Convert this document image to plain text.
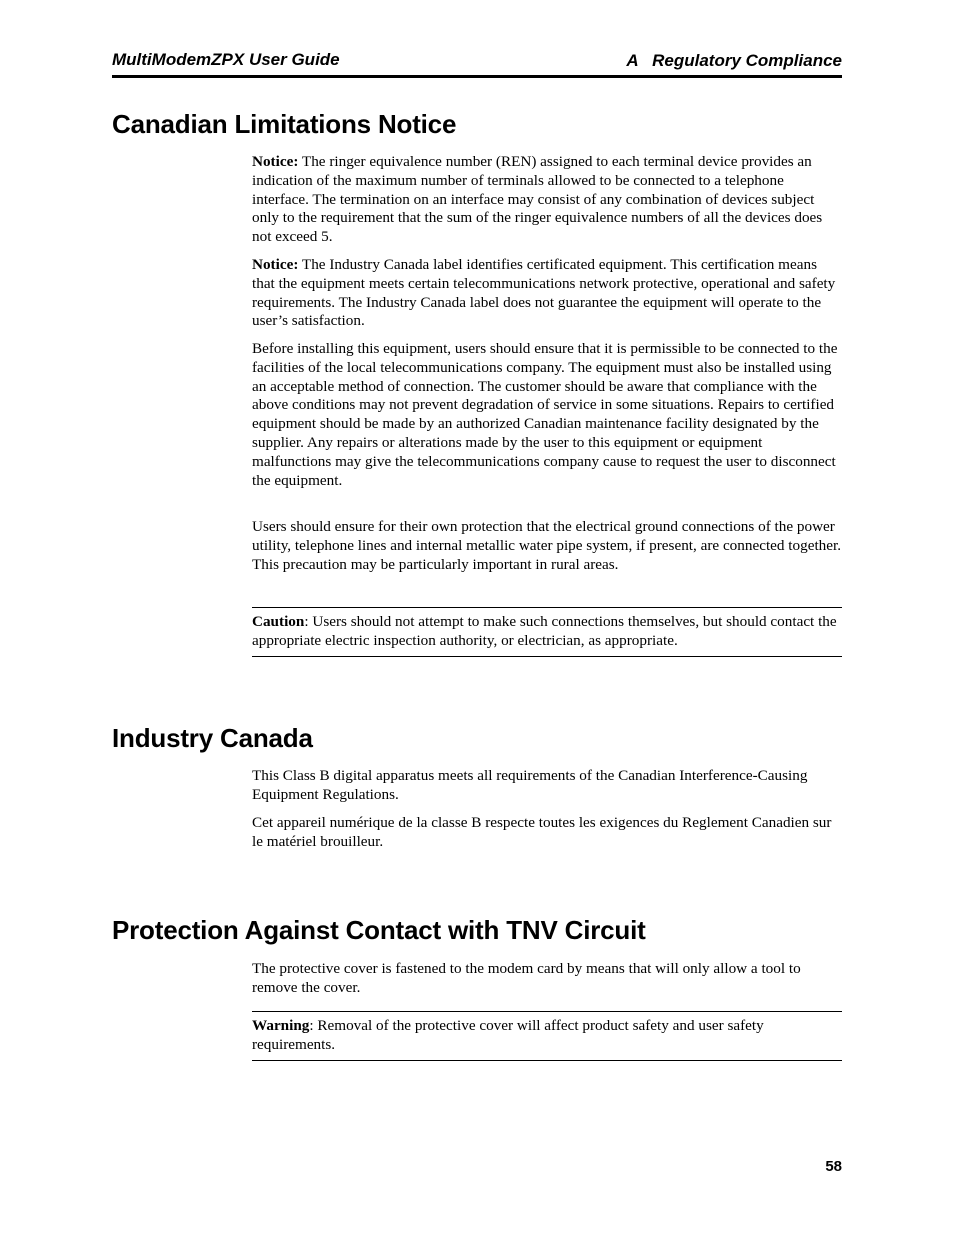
MultiModemZPX User Guide	A   Regulatory Compliance
Canadian Limitations Notice

Notice: The ringer equivalence number (REN) assigned to each terminal device provides an indication of the maximum number of terminals allowed to be connected to a telephone interface. The termination on an interface may consist of any combination of devices subject only to the requirement that the sum of the ringer equivalence numbers of all the devices does not exceed 5.

Notice: The Industry Canada label identifies certificated equipment. This certification means that the equipment meets certain telecommunications network protective, operational and safety requirements. The Industry Canada label does not guarantee the equipment will operate to the user’s satisfaction.

Before installing this equipment, users should ensure that it is permissible to be connected to the facilities of the local telecommunications company. The equipment must also be installed using an acceptable method of connection. The customer should be aware that compliance with the above conditions may not prevent degradation of service in some situations. Repairs to certified equipment should be made by an authorized Canadian maintenance facility designated by the supplier. Any repairs or alterations made by the user to this equipment or equipment malfunctions may give the telecommunications company cause to request the user to disconnect the equipment.

Users should ensure for their own protection that the electrical ground connections of the power utility, telephone lines and internal metallic water pipe system, if present, are connected together. This precaution may be particularly important in rural areas.

Caution: Users should not attempt to make such connections themselves, but should contact the appropriate electric inspection authority, or electrician, as appropriate.

Industry Canada

This Class B digital apparatus meets all requirements of the Canadian Interference-Causing Equipment Regulations.

Cet appareil numérique de la classe B respecte toutes les exigences du Reglement Canadien sur le matériel brouilleur.

Protection Against Contact with TNV Circuit

The protective cover is fastened to the modem card by means that will only allow a tool to remove the cover.

Warning: Removal of the protective cover will affect product safety and user safety requirements.

58
